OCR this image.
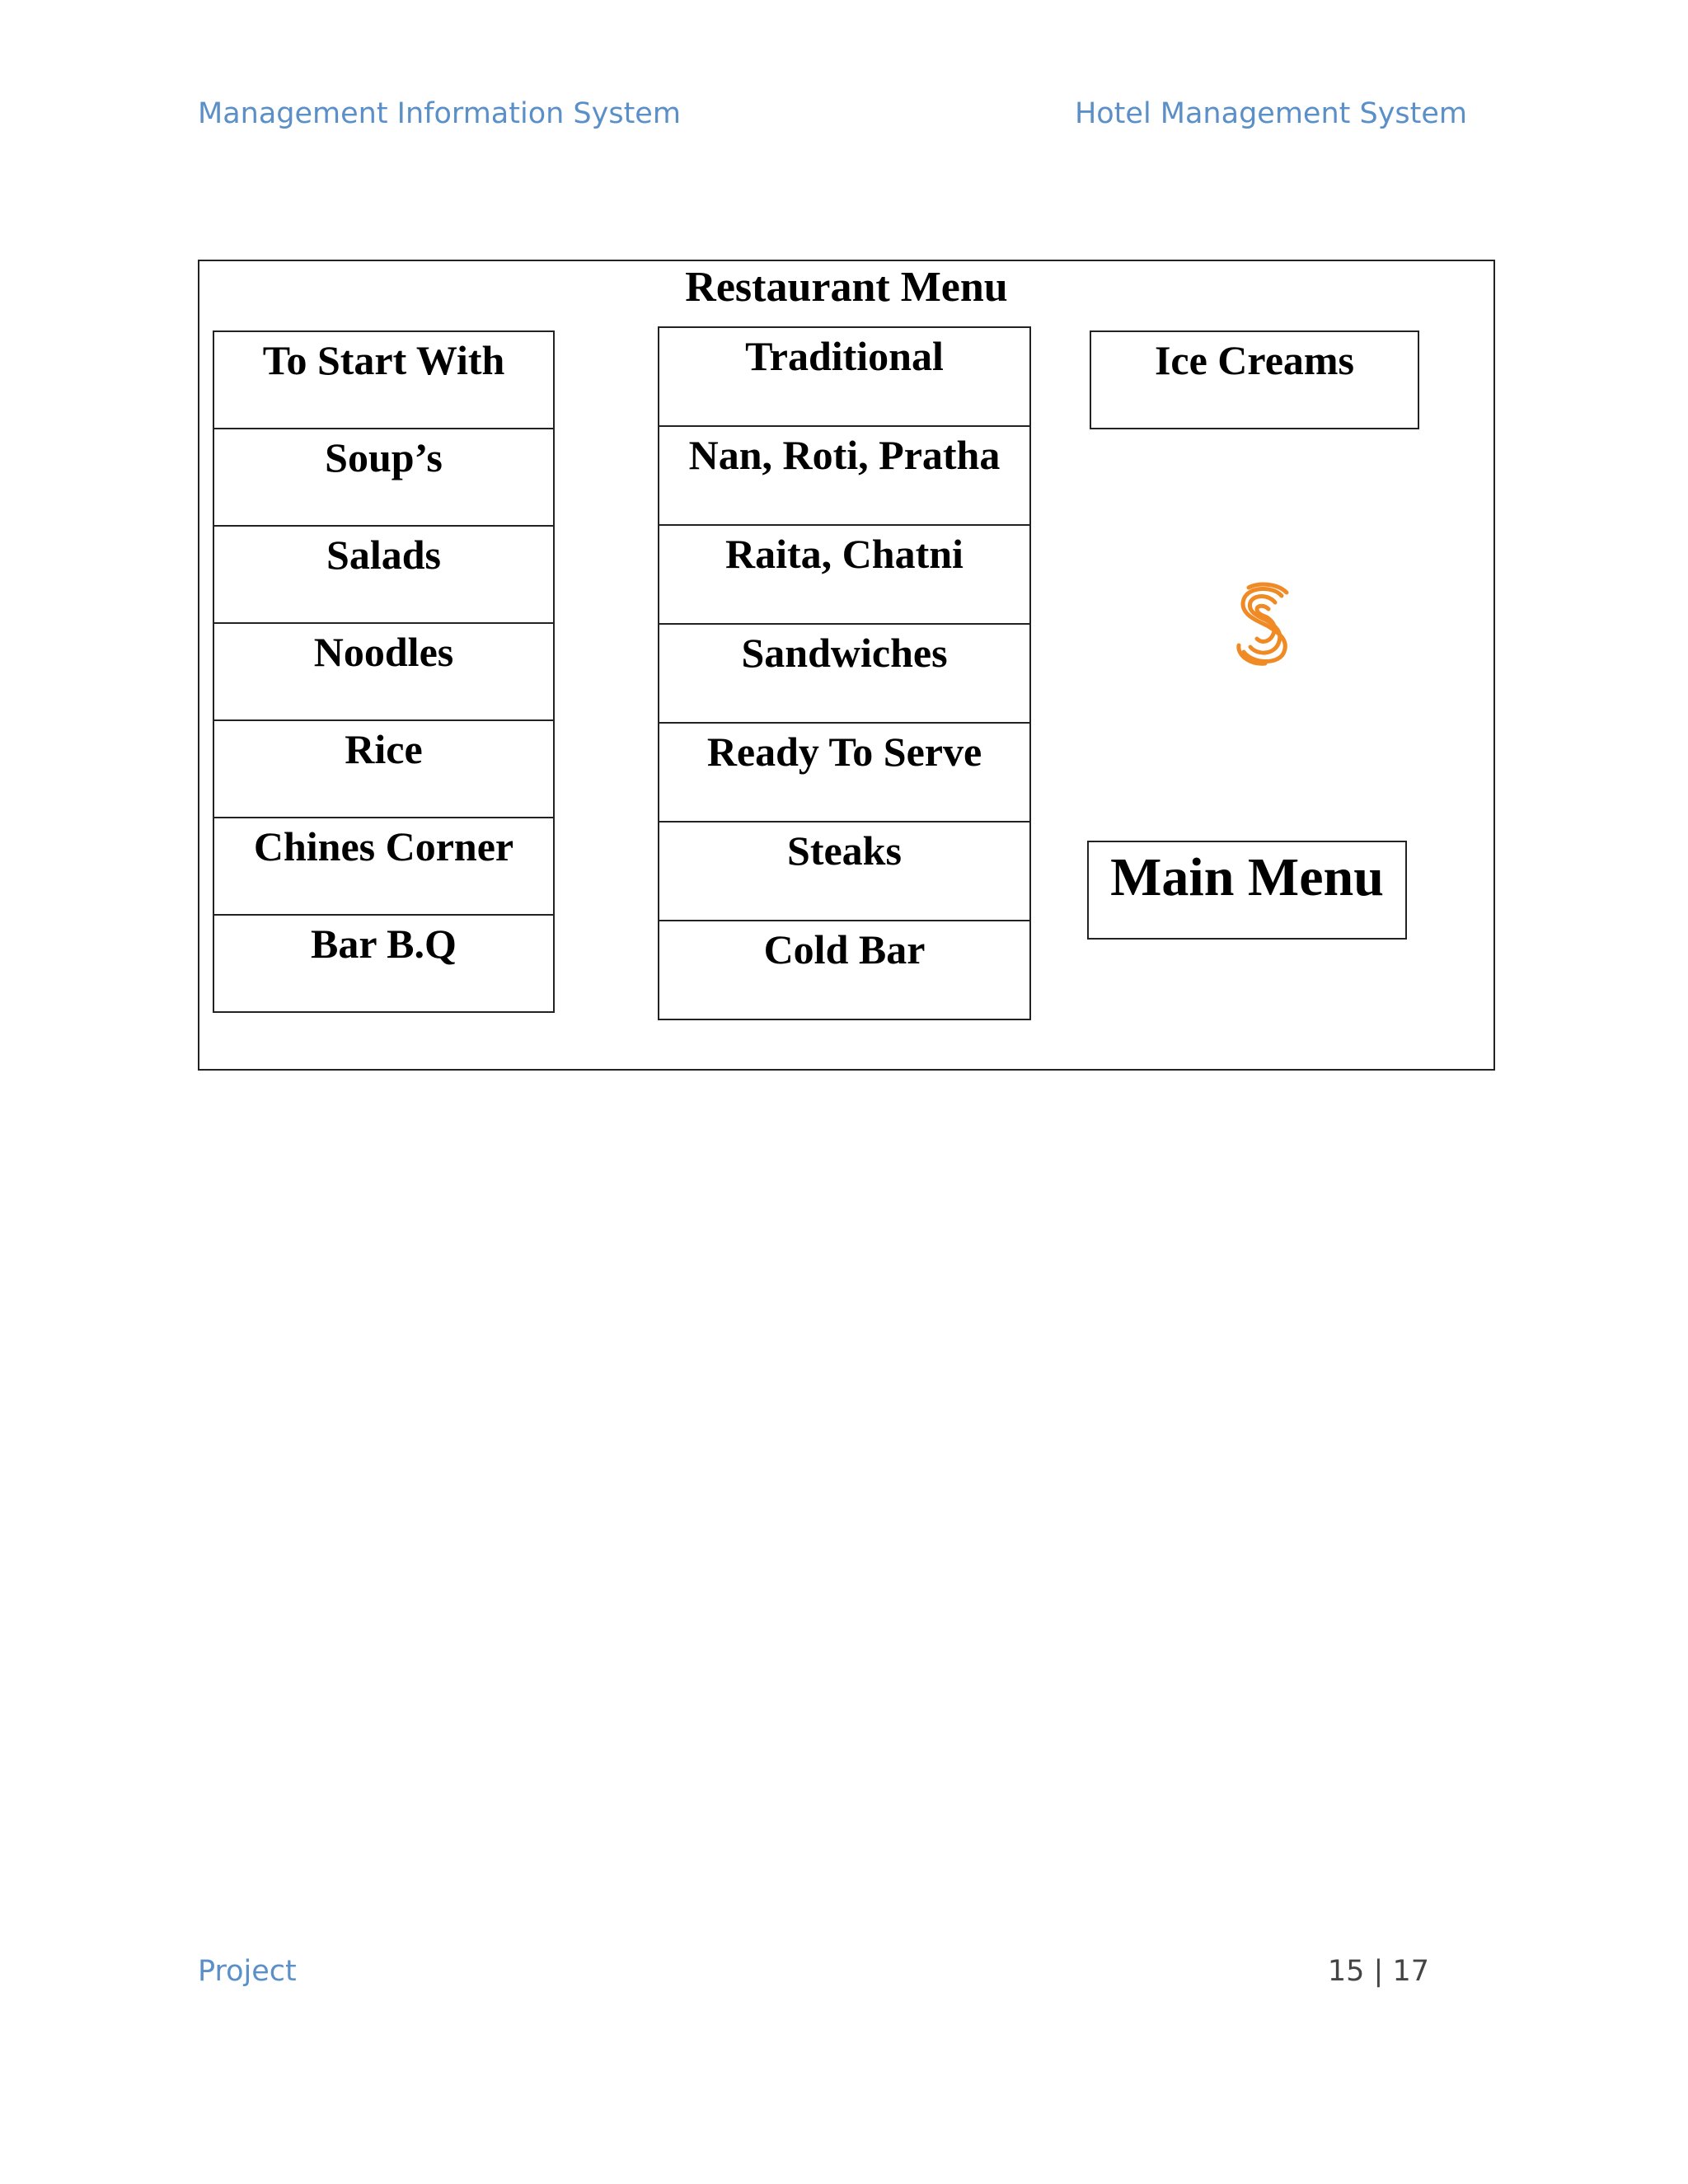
Management Information System	Hotel Management System
Restaurant Menu
To Start With
Soup’s
Salads
Noodles
Rice
Chines Corner
Bar B.Q
Traditional
Nan, Roti, Pratha
Raita, Chatni
Sandwiches
Ready To Serve
Steaks
Cold Bar
Ice Creams
Main Menu
Project	15 | 17
